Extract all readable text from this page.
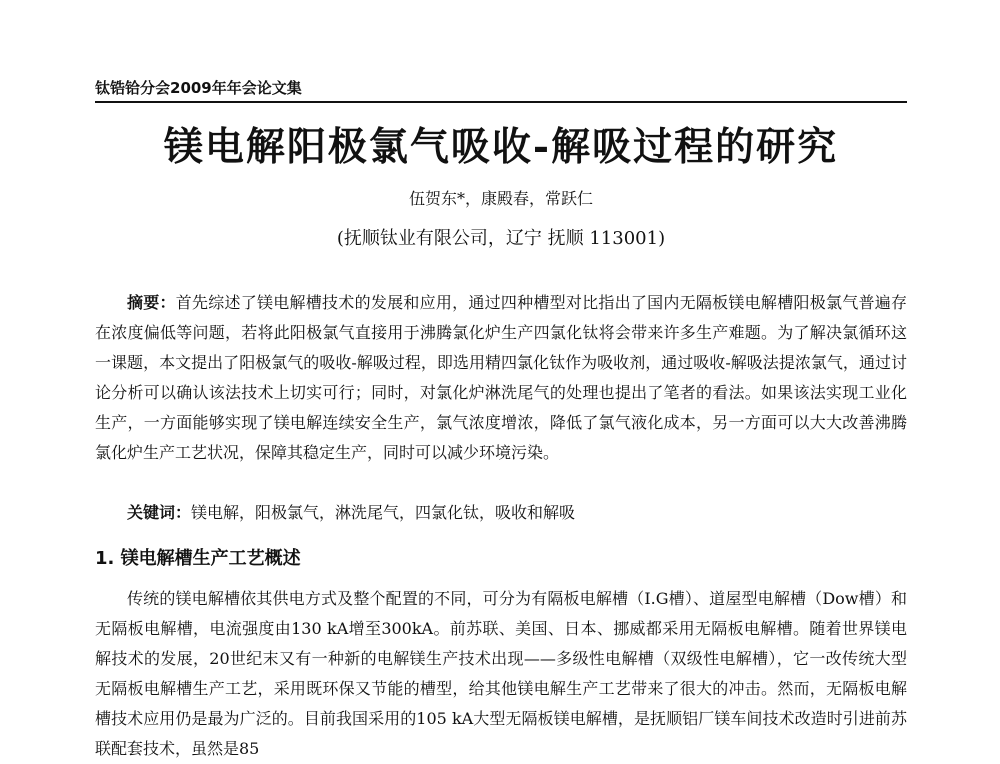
钛锆铪分会2009年年会论文集
镁电解阳极氯气吸收-解吸过程的研究
伍贺东*，康殿春，常跃仁
(抚顺钛业有限公司，辽宁 抚顺 113001)

摘要：首先综述了镁电解槽技术的发展和应用，通过四种槽型对比指出了国内无隔板镁电解槽阳极氯气普遍存在浓度偏低等问题，若将此阳极氯气直接用于沸腾氯化炉生产四氯化钛将会带来许多生产难题。为了解决氯循环这一课题，本文提出了阳极氯气的吸收-解吸过程，即选用精四氯化钛作为吸收剂，通过吸收-解吸法提浓氯气，通过讨论分析可以确认该法技术上切实可行；同时，对氯化炉淋洗尾气的处理也提出了笔者的看法。如果该法实现工业化生产，一方面能够实现了镁电解连续安全生产，氯气浓度增浓，降低了氯气液化成本，另一方面可以大大改善沸腾氯化炉生产工艺状况，保障其稳定生产，同时可以减少环境污染。

关键词：镁电解，阳极氯气，淋洗尾气，四氯化钛，吸收和解吸

1. 镁电解槽生产工艺概述

传统的镁电解槽依其供电方式及整个配置的不同，可分为有隔板电解槽（I.G槽）、道屋型电解槽（Dow槽）和无隔板电解槽，电流强度由130 kA增至300kA。前苏联、美国、日本、挪威都采用无隔板电解槽。随着世界镁电解技术的发展，20世纪末又有一种新的电解镁生产技术出现——多级性电解槽（双级性电解槽），它一改传统大型无隔板电解槽生产工艺，采用既环保又节能的槽型，给其他镁电解生产工艺带来了很大的冲击。然而，无隔板电解槽技术应用仍是最为广泛的。目前我国采用的105 kA大型无隔板镁电解槽，是抚顺铝厂镁车间技术改造时引进前苏联配套技术，虽然是85
